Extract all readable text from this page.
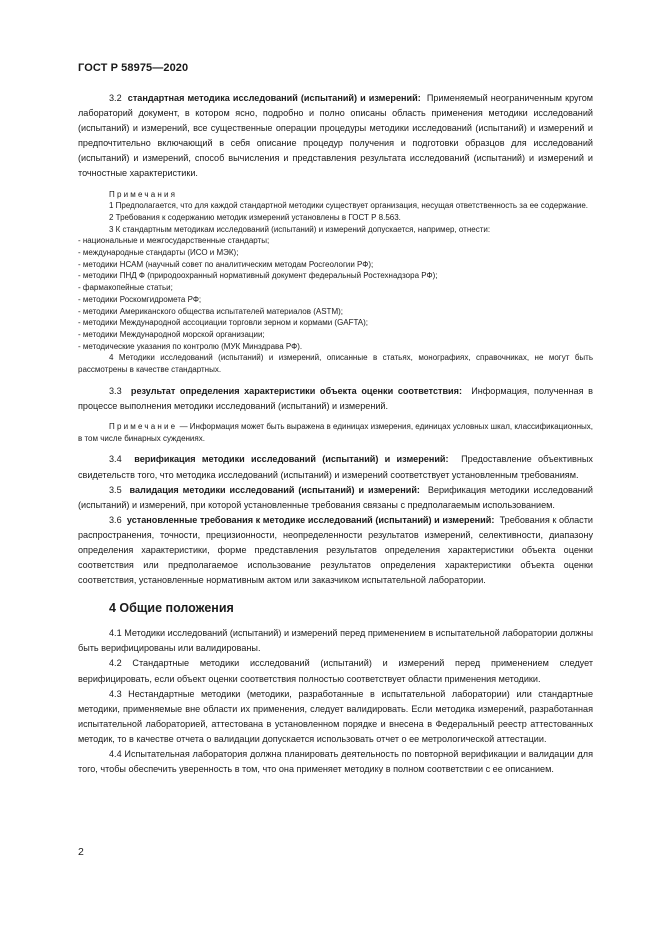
ГОСТ Р 58975—2020

3.2 стандартная методика исследований (испытаний) и измерений: Применяемый неограниченным кругом лабораторий документ, в котором ясно, подробно и полно описаны область применения методики исследований (испытаний) и измерений, все существенные операции процедуры методики исследований (испытаний) и измерений и предпочтительно включающий в себя описание процедур получения и подготовки образцов для исследований (испытаний) и измерений, способ вычисления и представления результата исследований (испытаний) и измерений и точностные характеристики.

Примечания

1 Предполагается, что для каждой стандартной методики существует организация, несущая ответственность за ее содержание.

2 Требования к содержанию методик измерений установлены в ГОСТ Р 8.563.

3 К стандартным методикам исследований (испытаний) и измерений допускается, например, отнести:

- национальные и межгосударственные стандарты;

- международные стандарты (ИСО и МЭК);

- методики НСАМ (научный совет по аналитическим методам Росгеологии РФ);

- методики ПНД Ф (природоохранный нормативный документ федеральный Ростехнадзора РФ);

- фармакопейные статьи;

- методики Роскомгидромета РФ;

- методики Американского общества испытателей материалов (ASTM);

- методики Международной ассоциации торговли зерном и кормами (GAFTA);

- методики Международной морской организации;

- методические указания по контролю (МУК Минздрава РФ).

4 Методики исследований (испытаний) и измерений, описанные в статьях, монографиях, справочниках, не могут быть рассмотрены в качестве стандартных.

3.3 результат определения характеристики объекта оценки соответствия: Информация, полученная в процессе выполнения методики исследований (испытаний) и измерений.

Примечание — Информация может быть выражена в единицах измерения, единицах условных шкал, классификационных, в том числе бинарных суждениях.

3.4 верификация методики исследований (испытаний) и измерений: Предоставление объективных свидетельств того, что методика исследований (испытаний) и измерений соответствует установленным требованиям.

3.5 валидация методики исследований (испытаний) и измерений: Верификация методики исследований (испытаний) и измерений, при которой установленные требования связаны с предполагаемым использованием.

3.6 установленные требования к методике исследований (испытаний) и измерений: Требования к области распространения, точности, прецизионности, неопределенности результатов измерений, селективности, диапазону определения характеристики, форме представления результатов определения характеристики объекта оценки соответствия или предполагаемое использование результатов определения характеристики объекта оценки соответствия, установленные нормативным актом или заказчиком испытательной лаборатории.

4 Общие положения

4.1 Методики исследований (испытаний) и измерений перед применением в испытательной лаборатории должны быть верифицированы или валидированы.

4.2 Стандартные методики исследований (испытаний) и измерений перед применением следует верифицировать, если объект оценки соответствия полностью соответствует области применения методики.

4.3 Нестандартные методики (методики, разработанные в испытательной лаборатории) или стандартные методики, применяемые вне области их применения, следует валидировать. Если методика измерений, разработанная испытательной лабораторией, аттестована в установленном порядке и внесена в Федеральный реестр аттестованных методик, то в качестве отчета о валидации допускается использовать отчет о ее метрологической аттестации.

4.4 Испытательная лаборатория должна планировать деятельность по повторной верификации и валидации для того, чтобы обеспечить уверенность в том, что она применяет методику в полном соответствии с ее описанием.

2
